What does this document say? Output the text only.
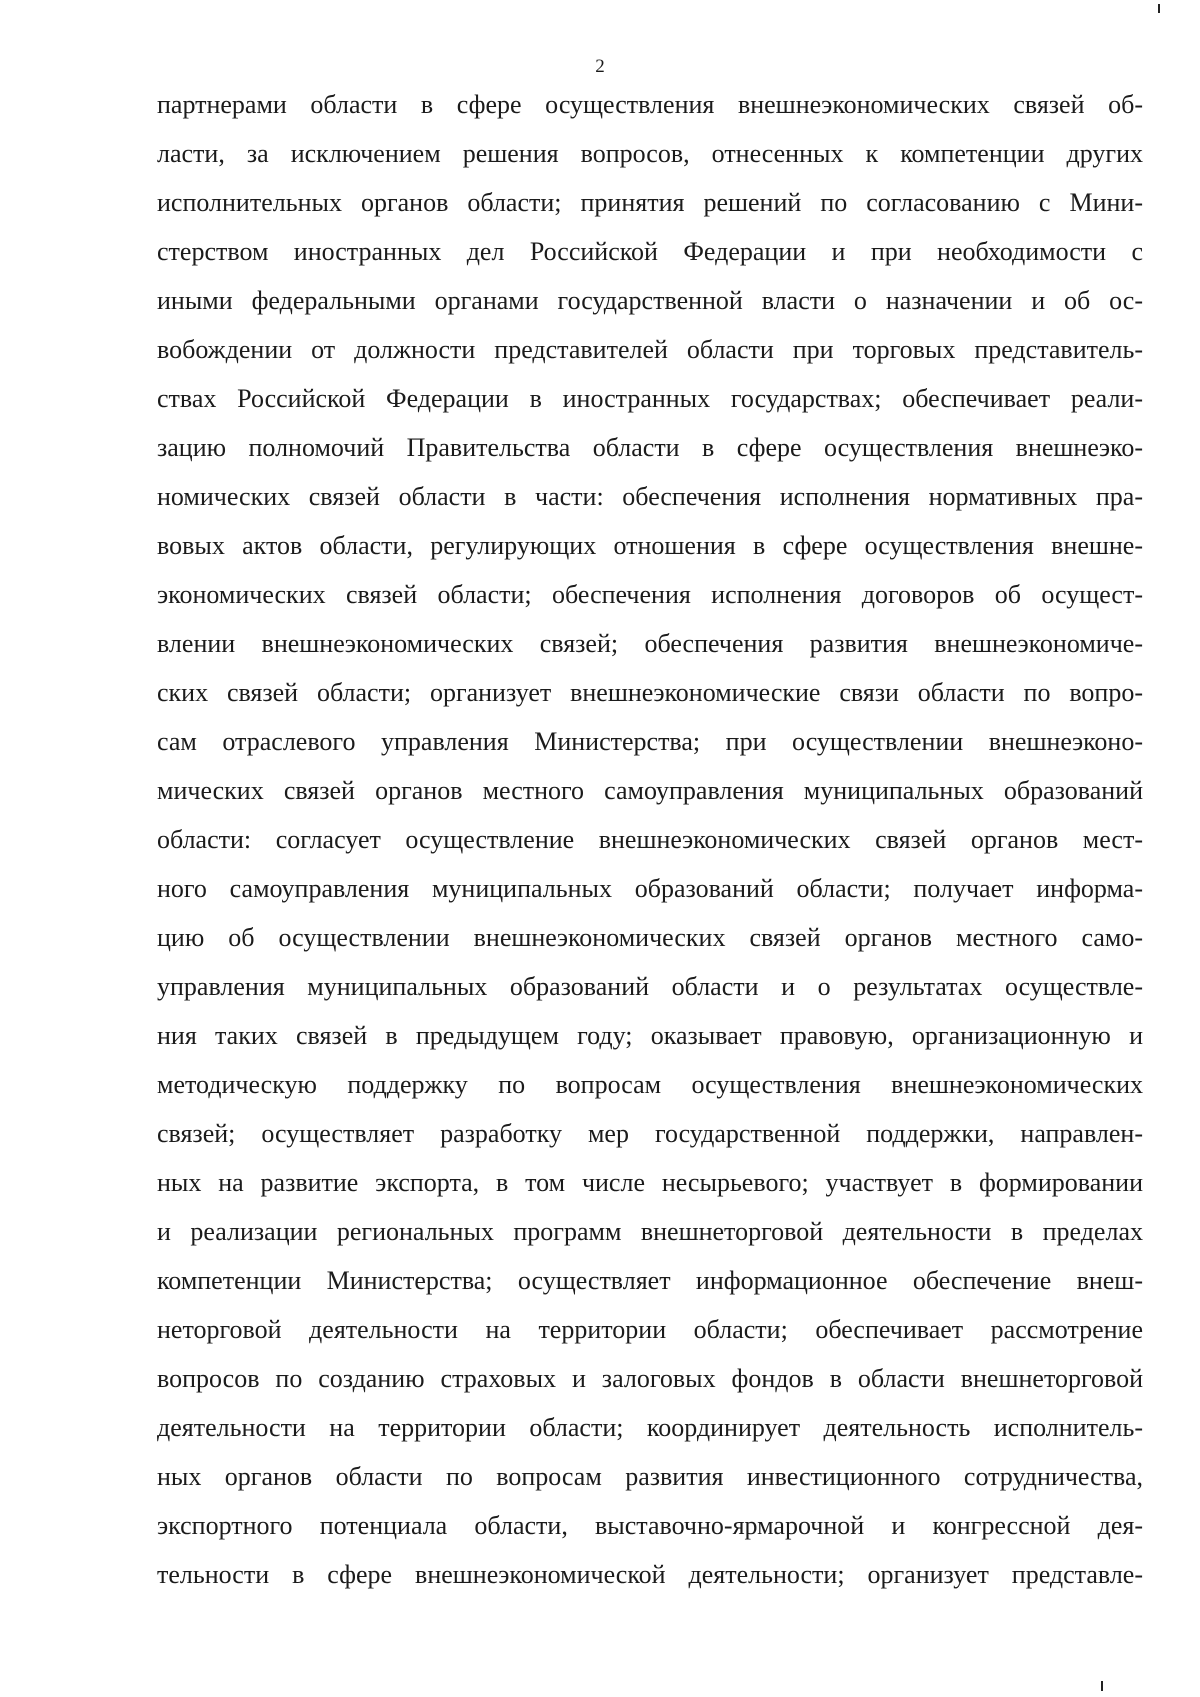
2
партнерами области в сфере осуществления внешнеэкономических связей об-
ласти, за исключением решения вопросов, отнесенных к компетенции других
исполнительных органов области; принятия решений по согласованию с Мини-
стерством иностранных дел Российской Федерации и при необходимости с
иными федеральными органами государственной власти о назначении и об ос-
вобождении от должности представителей области при торговых представитель-
ствах Российской Федерации в иностранных государствах; обеспечивает реали-
зацию полномочий Правительства области в сфере осуществления внешнеэко-
номических связей области в части: обеспечения исполнения нормативных пра-
вовых актов области, регулирующих отношения в сфере осуществления внешне-
экономических связей области; обеспечения исполнения договоров об осущест-
влении внешнеэкономических связей; обеспечения развития внешнеэкономиче-
ских связей области; организует внешнеэкономические связи области по вопро-
сам отраслевого управления Министерства; при осуществлении внешнеэконо-
мических связей органов местного самоуправления муниципальных образований
области: согласует осуществление внешнеэкономических связей органов мест-
ного самоуправления муниципальных образований области; получает информа-
цию об осуществлении внешнеэкономических связей органов местного само-
управления муниципальных образований области и о результатах осуществле-
ния таких связей в предыдущем году; оказывает правовую, организационную и
методическую поддержку по вопросам осуществления внешнеэкономических
связей; осуществляет разработку мер государственной поддержки, направлен-
ных на развитие экспорта, в том числе несырьевого; участвует в формировании
и реализации региональных программ внешнеторговой деятельности в пределах
компетенции Министерства; осуществляет информационное обеспечение внеш-
неторговой деятельности на территории области; обеспечивает рассмотрение
вопросов по созданию страховых и залоговых фондов в области внешнеторговой
деятельности на территории области; координирует деятельность исполнитель-
ных органов области по вопросам развития инвестиционного сотрудничества,
экспортного потенциала области, выставочно-ярмарочной и конгрессной дея-
тельности в сфере внешнеэкономической деятельности; организует представле-
